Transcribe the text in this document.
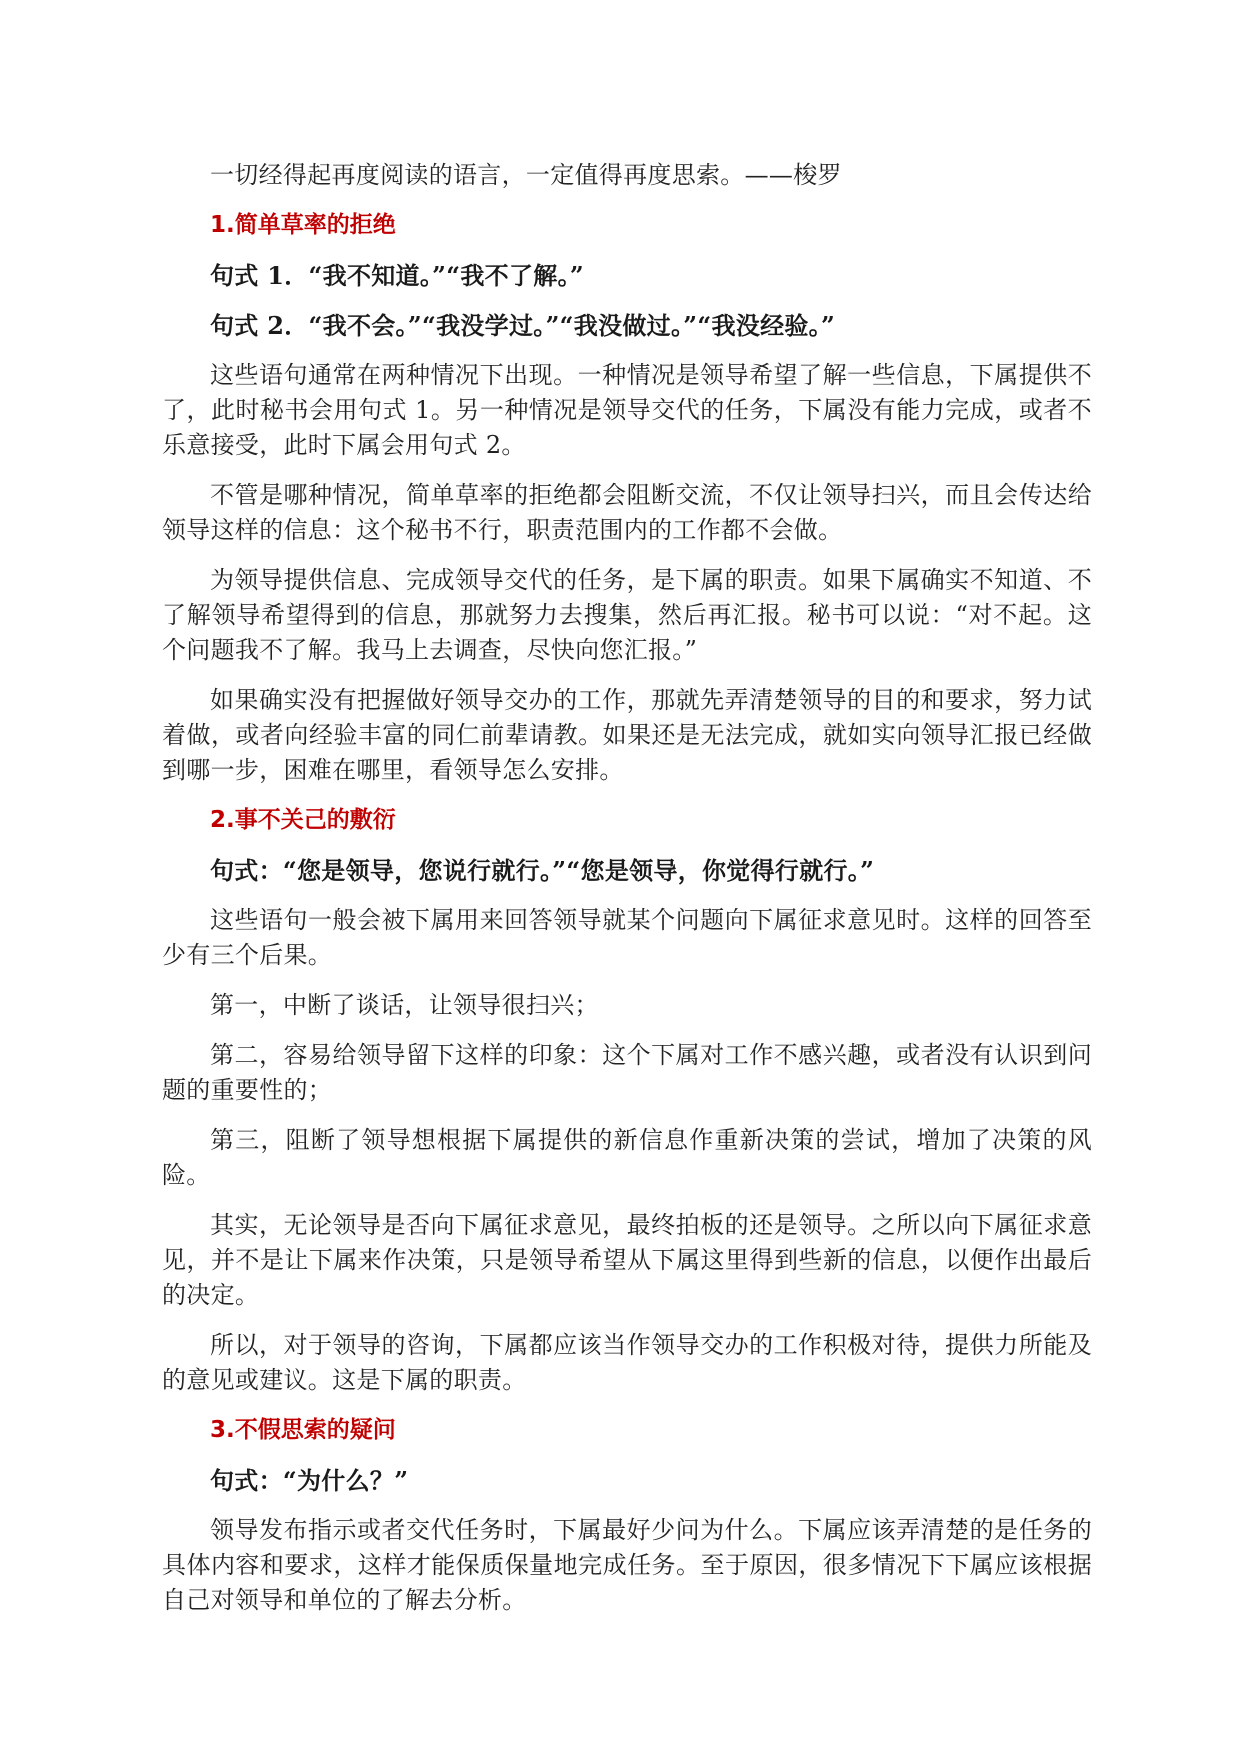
一切经得起再度阅读的语言，一定值得再度思索。——梭罗

1.简单草率的拒绝

句式 1．“我不知道。”“我不了解。”

句式 2．“我不会。”“我没学过。”“我没做过。”“我没经验。”

这些语句通常在两种情况下出现。一种情况是领导希望了解一些信息，下属提供不了，此时秘书会用句式 1。另一种情况是领导交代的任务，下属没有能力完成，或者不乐意接受，此时下属会用句式 2。

不管是哪种情况，简单草率的拒绝都会阻断交流，不仅让领导扫兴，而且会传达给领导这样的信息：这个秘书不行，职责范围内的工作都不会做。

为领导提供信息、完成领导交代的任务，是下属的职责。如果下属确实不知道、不了解领导希望得到的信息，那就努力去搜集，然后再汇报。秘书可以说：“对不起。这个问题我不了解。我马上去调查，尽快向您汇报。”

如果确实没有把握做好领导交办的工作，那就先弄清楚领导的目的和要求，努力试着做，或者向经验丰富的同仁前辈请教。如果还是无法完成，就如实向领导汇报已经做到哪一步，困难在哪里，看领导怎么安排。

2.事不关己的敷衍

句式：“您是领导，您说行就行。”“您是领导，你觉得行就行。”

这些语句一般会被下属用来回答领导就某个问题向下属征求意见时。这样的回答至少有三个后果。

第一，中断了谈话，让领导很扫兴；

第二，容易给领导留下这样的印象：这个下属对工作不感兴趣，或者没有认识到问题的重要性的；

第三，阻断了领导想根据下属提供的新信息作重新决策的尝试，增加了决策的风险。

其实，无论领导是否向下属征求意见，最终拍板的还是领导。之所以向下属征求意见，并不是让下属来作决策，只是领导希望从下属这里得到些新的信息，以便作出最后的决定。

所以，对于领导的咨询，下属都应该当作领导交办的工作积极对待，提供力所能及的意见或建议。这是下属的职责。

3.不假思索的疑问

句式：“为什么？”

领导发布指示或者交代任务时，下属最好少问为什么。下属应该弄清楚的是任务的具体内容和要求，这样才能保质保量地完成任务。至于原因，很多情况下下属应该根据自己对领导和单位的了解去分析。
